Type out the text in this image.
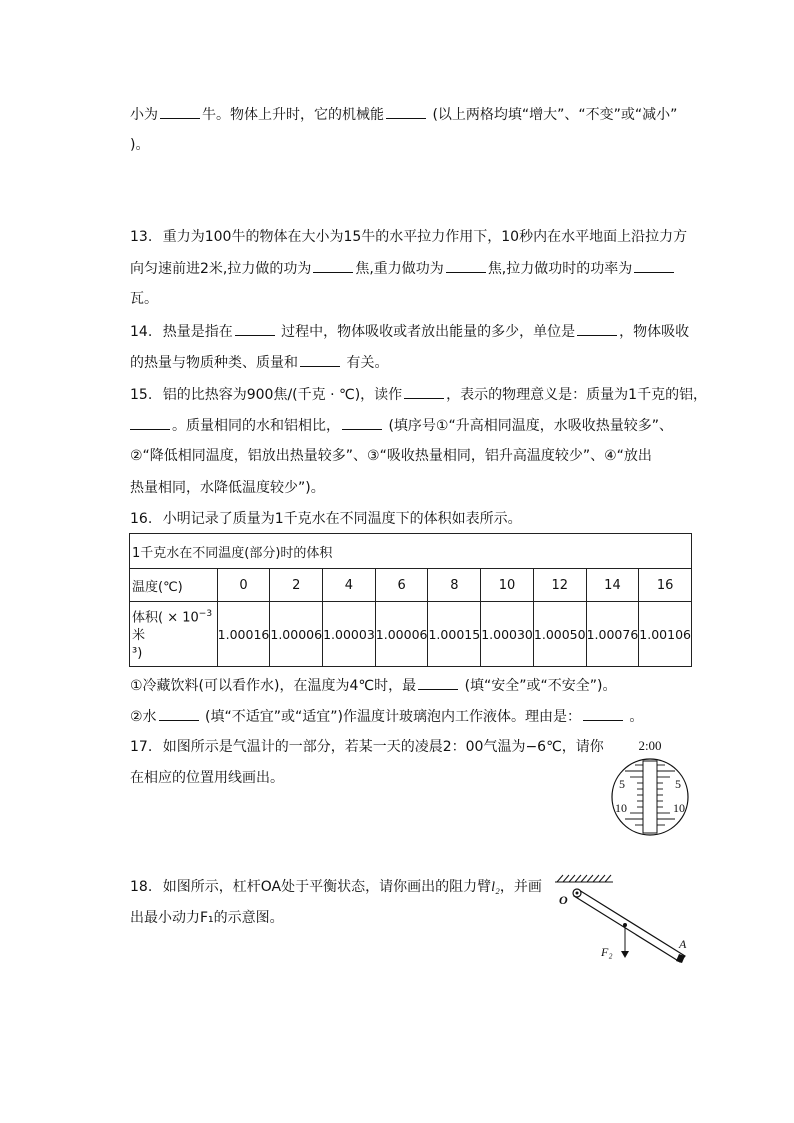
小为	牛。物体上升时，它的机械能	(以上两格均填“增大”、“不变”或“减小”
)。
13. 重力为100牛的物体在大小为15牛的水平拉力作用下，10秒内在水平地面上沿拉力方
向匀速前进2米,拉力做的功为	焦,重力做功为	焦,拉力做功时的功率为
瓦。
14. 热量是指在	过程中，物体吸收或者放出能量的多少，单位是	，物体吸收
的热量与物质种类、质量和	有关。
15. 铝的比热容为900焦/(千克 · ℃)，读作	，表示的物理意义是：质量为1千克的铝，
。质量相同的水和铝相比，	(填序号①“升高相同温度，水吸收热量较多”、
②“降低相同温度，铝放出热量较多”、③“吸收热量相同，铝升高温度较少”、④“放出
热量相同，水降低温度较少”)。
16. 小明记录了质量为1千克水在不同温度下的体积如表所示。
1千克水在不同温度(部分)时的体积									
温度(℃)	0	2	4	6	8	10	12	14	16
体积( × $10^{-3}$米
³)	1.00016	1.00006	1.00003	1.00006	1.00015	1.00030	1.00050	1.00076	1.00106
①冷藏饮料(可以看作水)，在温度为4℃时，最	(填“安全”或“不安全”)。
②水	(填“不适宜”或“适宜”)作温度计玻璃泡内工作液体。理由是：	。
17. 如图所示是气温计的一部分，若某一天的凌晨2：00气温为−6℃，请你
在相应的位置用线画出。
2:00
5	5
10	10
18. 如图所示，杠杆OA处于平衡状态，请你画出的阻力臂l₂，并画
出最小动力F₁的示意图。
O
A
F₂
